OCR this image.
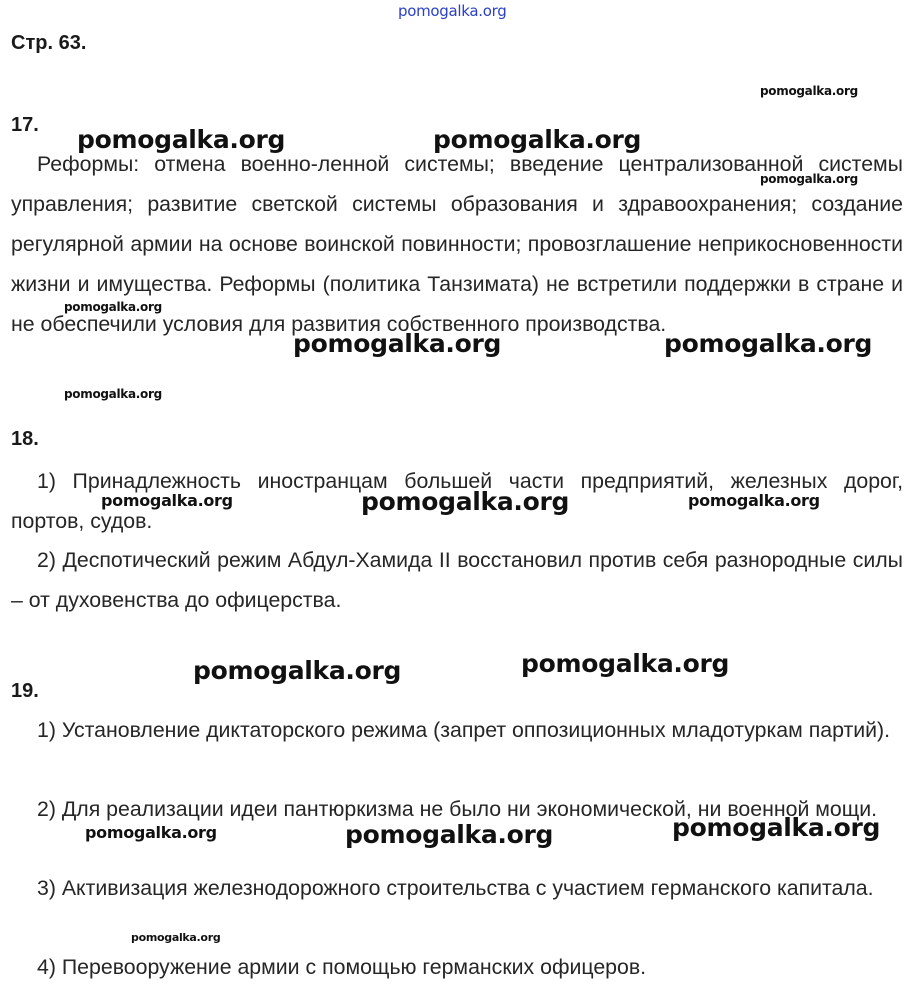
pomogalka.org
Стр. 63.
pomogalka.org
17.

Реформы: отмена военно-ленной системы; введение централизованной системы управления; развитие светской системы образования и здравоохранения; создание регулярной армии на основе воинской повинности; провозглашение неприкосновенности жизни и имущества. Реформы (политика Танзимата) не встретили поддержки в стране и не обеспечили условия для развития собственного производства.

18.

1) Принадлежность иностранцам большей части предприятий, железных дорог, портов, судов.

2) Деспотический режим Абдул-Хамида II восстановил против себя разнородные силы – от духовенства до офицерства.

19.

1) Установление диктаторского режима (запрет оппозиционных младотуркам партий).

2) Для реализации идеи пантюркизма не было ни экономической, ни военной мощи.

3) Активизация железнодорожного строительства с участием германского капитала.

4) Перевооружение армии с помощью германских офицеров.

pomogalka.org	pomogalka.org
pomogalka.org
pomogalka.org
pomogalka.org	pomogalka.org
pomogalka.org
pomogalka.org	pomogalka.org	pomogalka.org
pomogalka.org	pomogalka.org
pomogalka.org	pomogalka.org	pomogalka.org
pomogalka.org
